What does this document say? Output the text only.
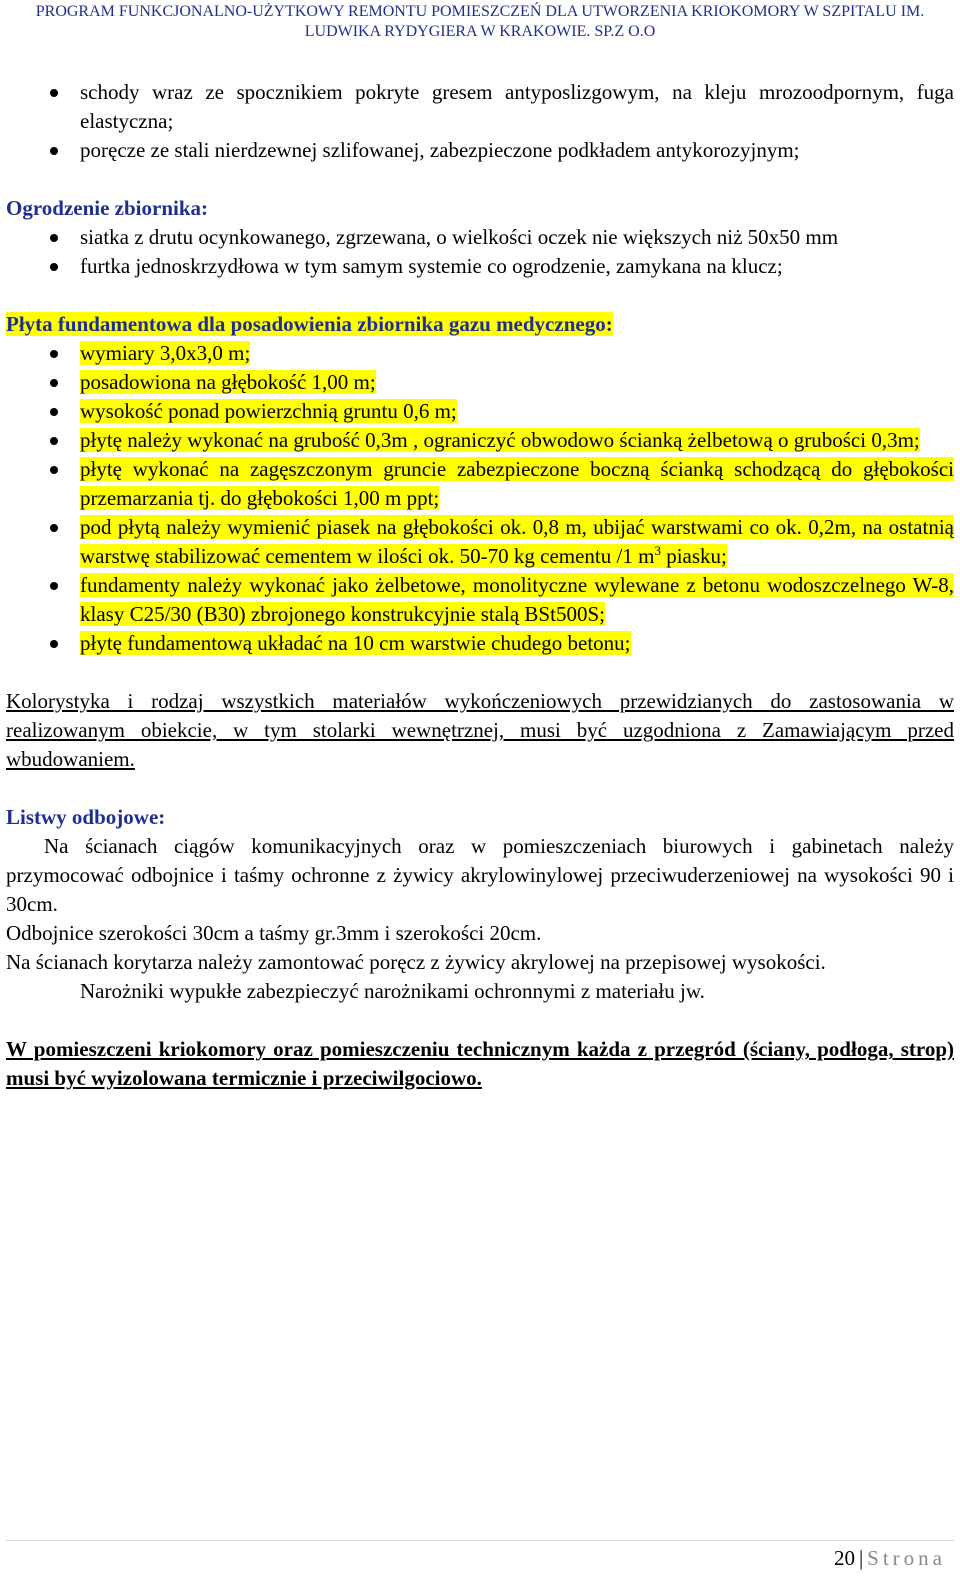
PROGRAM FUNKCJONALNO-UŻYTKOWY REMONTU POMIESZCZEŃ DLA UTWORZENIA KRIOKOMORY W SZPITALU IM.
LUDWIKA RYDYGIERA W KRAKOWIE. SP.Z O.O
schody wraz ze spocznikiem pokryte gresem antyposlizgowym, na kleju mrozoodpornym, fuga elastyczna;
poręcze ze stali nierdzewnej szlifowanej, zabezpieczone podkładem antykorozyjnym;
Ogrodzenie zbiornika:
siatka z drutu ocynkowanego, zgrzewana, o wielkości oczek nie większych niż 50x50 mm
furtka jednoskrzydłowa w tym samym systemie co ogrodzenie, zamykana na klucz;
Płyta fundamentowa dla posadowienia zbiornika gazu medycznego:
wymiary 3,0x3,0 m;
posadowiona na głębokość 1,00 m;
wysokość ponad powierzchnią gruntu 0,6 m;
płytę należy wykonać na grubość 0,3m , ograniczyć obwodowo ścianką żelbetową o grubości 0,3m;
płytę wykonać na zagęszczonym gruncie zabezpieczone boczną ścianką schodzącą do głębokości przemarzania tj. do głębokości 1,00 m ppt;
pod płytą należy wymienić piasek na głębokości ok. 0,8 m, ubijać warstwami co ok. 0,2m, na ostatnią warstwę stabilizować cementem w ilości ok. 50-70 kg cementu /1 $m^3$ piasku;
fundamenty należy wykonać jako żelbetowe, monolityczne wylewane z betonu wodoszczelnego W-8, klasy C25/30 (B30) zbrojonego konstrukcyjnie stalą BSt500S;
płytę fundamentową układać na 10 cm warstwie chudego betonu;

Kolorystyka i rodzaj wszystkich materiałów wykończeniowych przewidzianych do zastosowania w realizowanym obiekcie, w tym stolarki wewnętrznej, musi być uzgodniona z Zamawiającym przed wbudowaniem.

Listwy odbojowe:

Na ścianach ciągów komunikacyjnych oraz w pomieszczeniach biurowych i gabinetach należy przymocować odbojnice i taśmy ochronne z żywicy akrylowinylowej przeciwuderzeniowej na wysokości 90 i 30cm.

Odbojnice szerokości 30cm a taśmy gr.3mm i szerokości 20cm.

Na ścianach korytarza należy zamontować poręcz z żywicy akrylowej na przepisowej wysokości.

Narożniki wypukłe zabezpieczyć narożnikami ochronnymi z materiału jw.

W pomieszczeni kriokomory oraz pomieszczeniu technicznym każda z przegród (ściany, podłoga, strop) musi być wyizolowana termicznie i przeciwilgociowo.

20 | Strona
